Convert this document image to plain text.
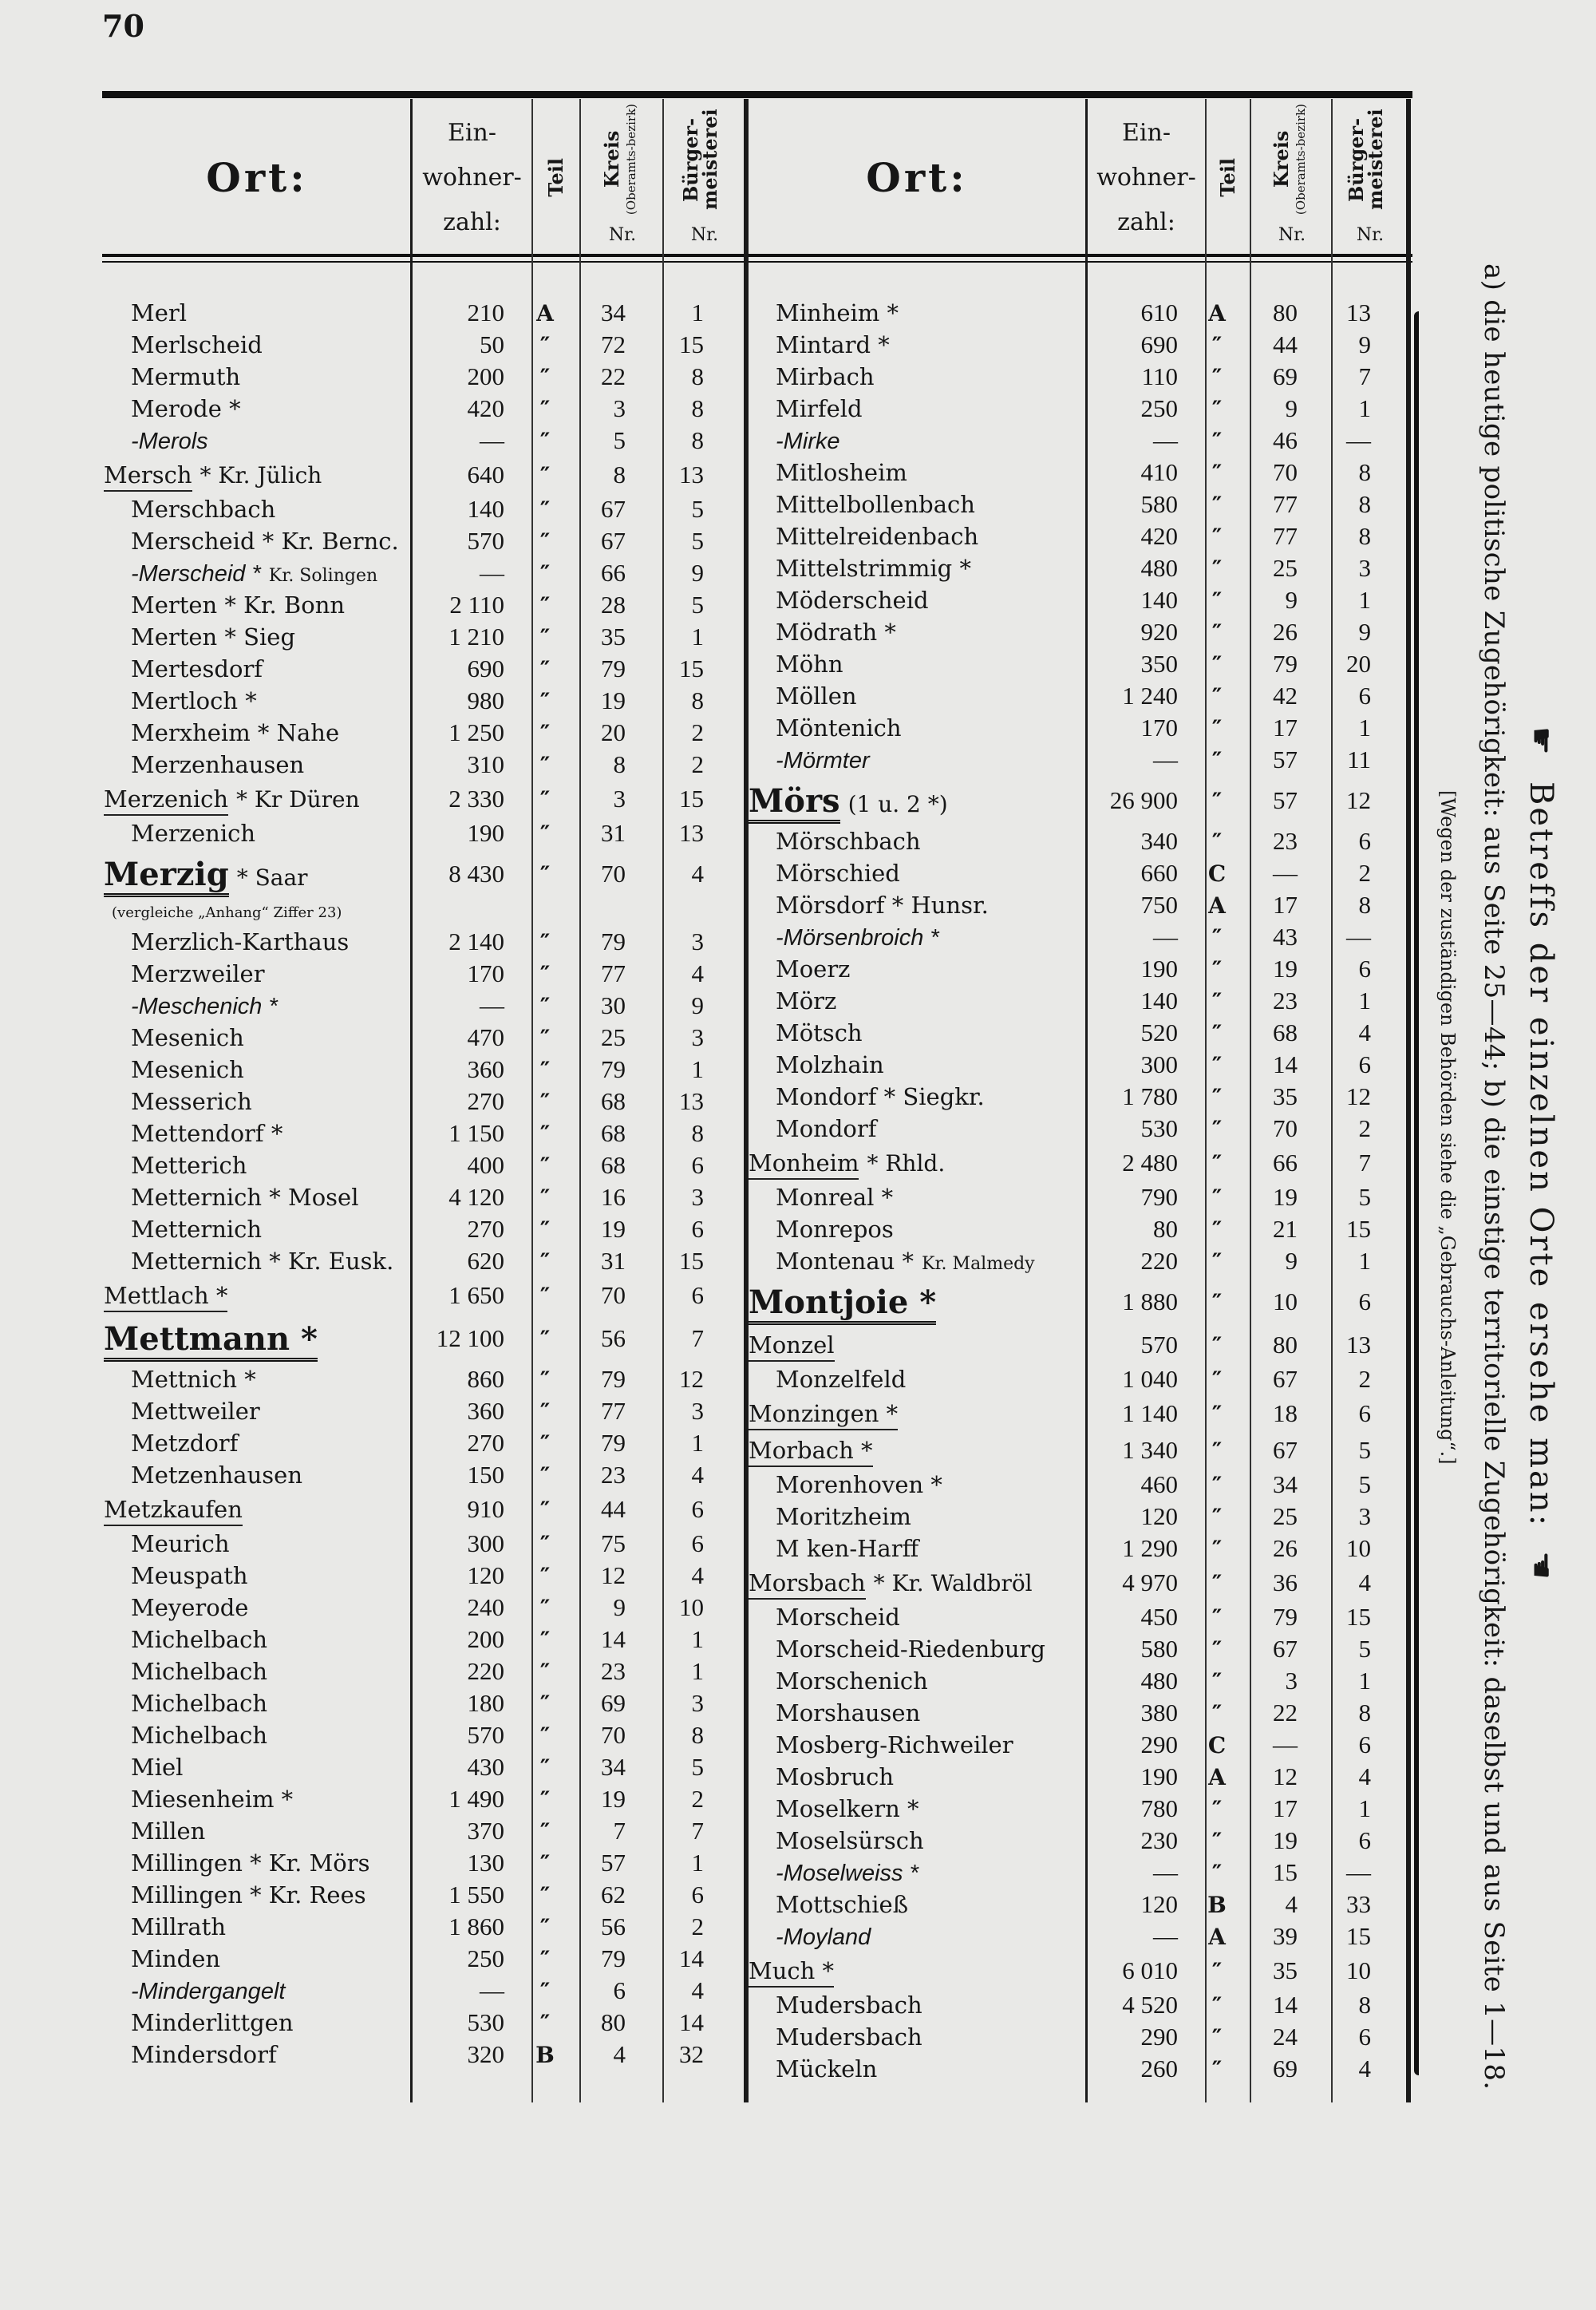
70
Ort:
Ein-
wohner-
zahl:
Teil Kreis (Oberamts-bezirk) Bürger-meisterei
Nr.	Nr.
Ort:
Ein-
wohner-
zahl:
Teil Kreis (Oberamts-bezirk) Bürger-meisterei
Nr.	Nr.
Merl	210	A	34	1
Merlscheid	50	″	72	15
Mermuth	200	″	22	8
Merode *	420	″	3	8
-Merols	—	″	5	8
Mersch * Kr. Jülich	640	″	8	13
Merschbach	140	″	67	5
Merscheid * Kr. Bernc.	570	″	67	5
-Merscheid * Kr. Solingen	—	″	66	9
Merten * Kr. Bonn	2 110	″	28	5
Merten * Sieg	1 210	″	35	1
Mertesdorf	690	″	79	15
Mertloch *	980	″	19	8
Merxheim * Nahe	1 250	″	20	2
Merzenhausen	310	″	8	2
Merzenich * Kr Düren	2 330	″	3	15
Merzenich	190	″	31	13
Merzig * Saar	8 430	″	70	4
(vergleiche „Anhang“ Ziffer 23)
Merzlich-Karthaus	2 140	″	79	3
Merzweiler	170	″	77	4
-Meschenich *	—	″	30	9
Mesenich	470	″	25	3
Mesenich	360	″	79	1
Messerich	270	″	68	13
Mettendorf *	1 150	″	68	8
Metterich	400	″	68	6
Metternich * Mosel	4 120	″	16	3
Metternich	270	″	19	6
Metternich * Kr. Eusk.	620	″	31	15
Mettlach *	1 650	″	70	6
Mettmann *	12 100	″	56	7
Mettnich *	860	″	79	12
Mettweiler	360	″	77	3
Metzdorf	270	″	79	1
Metzenhausen	150	″	23	4
Metzkaufen	910	″	44	6
Meurich	300	″	75	6
Meuspath	120	″	12	4
Meyerode	240	″	9	10
Michelbach	200	″	14	1
Michelbach	220	″	23	1
Michelbach	180	″	69	3
Michelbach	570	″	70	8
Miel	430	″	34	5
Miesenheim *	1 490	″	19	2
Millen	370	″	7	7
Millingen * Kr. Mörs	130	″	57	1
Millingen * Kr. Rees	1 550	″	62	6
Millrath	1 860	″	56	2
Minden	250	″	79	14
-Mindergangelt	—	″	6	4
Minderlittgen	530	″	80	14
Mindersdorf	320	B	4	32
Minheim *	610	A	80	13
Mintard *	690	″	44	9
Mirbach	110	″	69	7
Mirfeld	250	″	9	1
-Mirke	—	″	46	—
Mitlosheim	410	″	70	8
Mittelbollenbach	580	″	77	8
Mittelreidenbach	420	″	77	8
Mittelstrimmig *	480	″	25	3
Möderscheid	140	″	9	1
Mödrath *	920	″	26	9
Möhn	350	″	79	20
Möllen	1 240	″	42	6
Möntenich	170	″	17	1
-Mörmter	—	″	57	11
Mörs (1 u. 2 *)	26 900	″	57	12
Mörschbach	340	″	23	6
Mörschied	660	C	—	2
Mörsdorf * Hunsr.	750	A	17	8
-Mörsenbroich *	—	″	43	—
Moerz	190	″	19	6
Mörz	140	″	23	1
Mötsch	520	″	68	4
Molzhain	300	″	14	6
Mondorf * Siegkr.	1 780	″	35	12
Mondorf	530	″	70	2
Monheim * Rhld.	2 480	″	66	7
Monreal *	790	″	19	5
Monrepos	80	″	21	15
Montenau * Kr. Malmedy	220	″	9	1
Montjoie *	1 880	″	10	6
Monzel	570	″	80	13
Monzelfeld	1 040	″	67	2
Monzingen *	1 140	″	18	6
Morbach *	1 340	″	67	5
Morenhoven *	460	″	34	5
Moritzheim	120	″	25	3
M ken-Harff	1 290	″	26	10
Morsbach * Kr. Waldbröl	4 970	″	36	4
Morscheid	450	″	79	15
Morscheid-Riedenburg	580	″	67	5
Morschenich	480	″	3	1
Morshausen	380	″	22	8
Mosberg-Richweiler	290	C	—	6
Mosbruch	190	A	12	4
Moselkern *	780	″	17	1
Moselsürsch	230	″	19	6
-Moselweiss *	—	″	15	—
Mottschieß	120	B	4	33
-Moyland	—	A	39	15
Much *	6 010	″	35	10
Mudersbach	4 520	″	14	8
Mudersbach	290	″	24	6
Mückeln	260	″	69	4
[Wegen der zuständigen Behörden siehe die „Gebrauchs-Anleitung“.] a) die heutige politische Zugehörigkeit: aus Seite 25—44; b) die einstige territorielle Zugehörigkeit: daselbst und aus Seite 1—18. ☛ Betreffs der einzelnen Orte ersehe man: ☚
